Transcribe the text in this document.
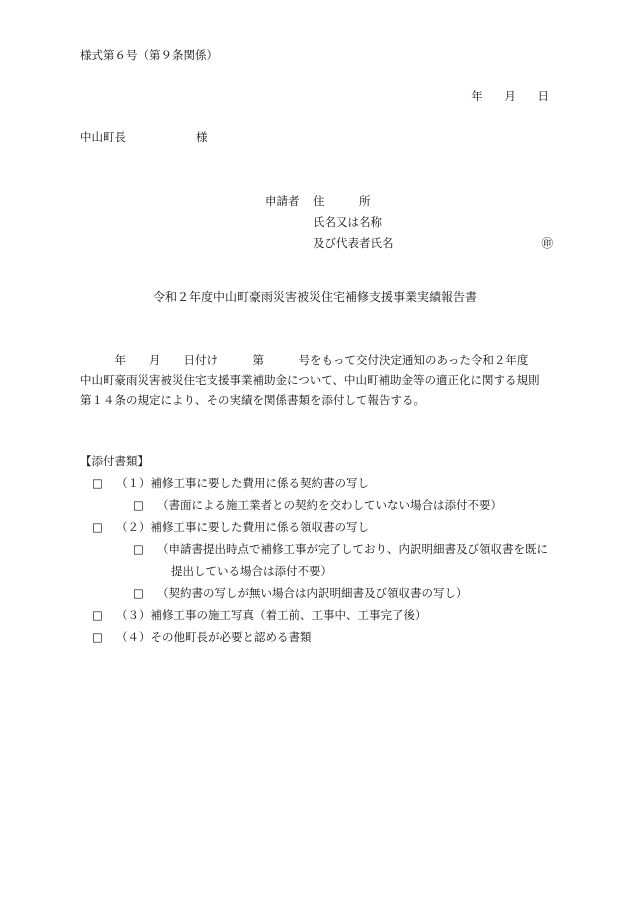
様式第６号（第９条関係）
年 月 日
中山町長	様
申請者	住　　　所
氏名又は名称
及び代表者氏名	㊞
令和２年度中山町豪雨災害被災住宅補修支援事業実績報告書

　　　年　　月　　日付け　　　第　　　号をもって交付決定通知のあった令和２年度

中山町豪雨災害被災住宅支援事業補助金について、中山町補助金等の適正化に関する規則

第１４条の規定により、その実績を関係書類を添付して報告する。

【添付書類】
□ （１）補修工事に要した費用に係る契約書の写し
□ （書面による施工業者との契約を交わしていない場合は添付不要）
□ （２）補修工事に要した費用に係る領収書の写し
□ （申請書提出時点で補修工事が完了しており、内訳明細書及び領収書を既に
提出している場合は添付不要）
□ （契約書の写しが無い場合は内訳明細書及び領収書の写し）
□ （３）補修工事の施工写真（着工前、工事中、工事完了後）
□ （４）その他町長が必要と認める書類
